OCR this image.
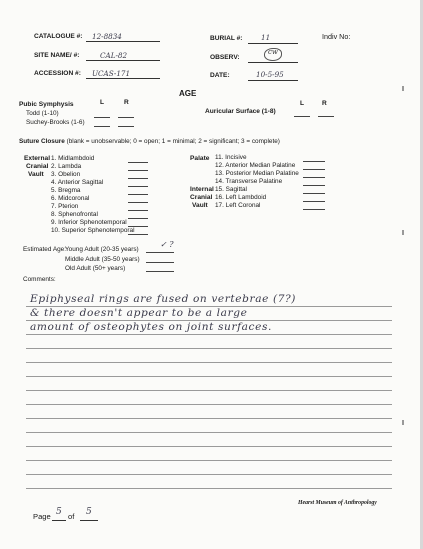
CATALOGUE #: 12-8834	BURIAL #:	11	Indiv No:
SITE NAME/ #:	CAL-82	OBSERV:
cw
ACCESSION #: UCAS-171	DATE:	10-5-95
AGE
Pubic Symphysis	L	R
Todd (1-10)
Suchey-Brooks (1-6)
L	R
Auricular Surface (1-8)
Suture Closure (blank = unobservable; 0 = open; 1 = minimal; 2 = significant; 3 = complete)
External
Cranial
Vault
1. Midlambdoid
2. Lambda
3. Obelion
4. Anterior Sagittal
5. Bregma
6. Midcoronal
7. Pterion
8. Sphenofrontal
9. Inferior Sphenotemporal
10. Superior Sphenotemporal
Palate 11. Incisive
12. Anterior Median Palatine
13. Posterior Median Palatine
14. Transverse Palatine
Internal
Cranial
Vault
15. Sagittal
16. Left Lambdoid
17. Left Coronal
Estimated Age: Young Adult (20-35 years)
✓ ?
Middle Adult (35-50 years)
Old Adult (50+ years)
Comments:
Epiphyseal rings are fused on vertebrae (7?)
& there doesn't appear to be a large
amount of osteophytes on joint surfaces.
Page 5 of 5
Hearst Museum of Anthropology
